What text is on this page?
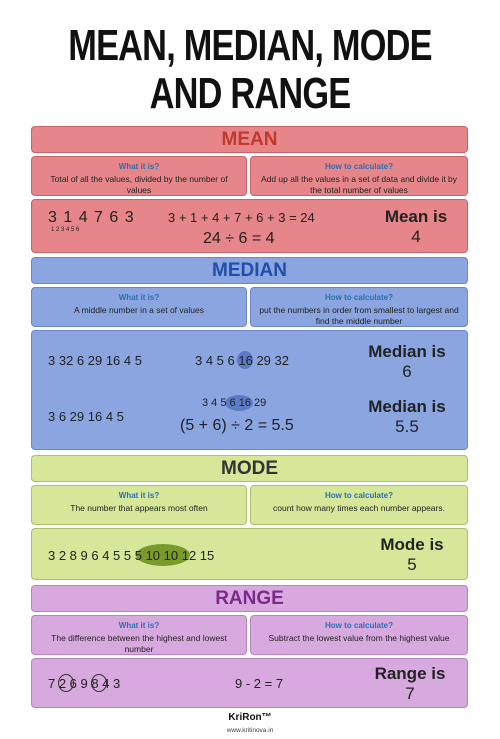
MEAN, MEDIAN, MODE
AND RANGE
MEAN
What it is?
Total of all the values, divided by the number of values
How to calculate?
Add up all the values in a set of data and divide it by the total number of values
3 1 4 7 6 3
1 2 3 4 5 6
3 + 1 + 4 + 7 + 6 + 3 = 24
24 ÷ 6 = 4
Mean is
4
MEDIAN
What it is?
A middle number in a set of values
How to calculate?
put the numbers in order from smallest to largest and find the middle number
3 32 6 29 16 4 5	3 4 5 6 16 29 32	Median is
6
3 6 29 16 4 5
3 4 5 6 16 29
(5 + 6) ÷ 2 = 5.5
Median is
5.5
MODE
What it is?
The number that appears most often
How to calculate?
count how many times each number appears.
3 2 8 9 6 4 5 5 5 10 10 12 15
Mode is
5
RANGE
What it is?
The difference between the highest and lowest number
How to calculate?
Subtract the lowest value from the highest value
7 2 6 9 8 4 3	9 - 2 = 7
Range is
7
KriRon™
www.kritinova.in
